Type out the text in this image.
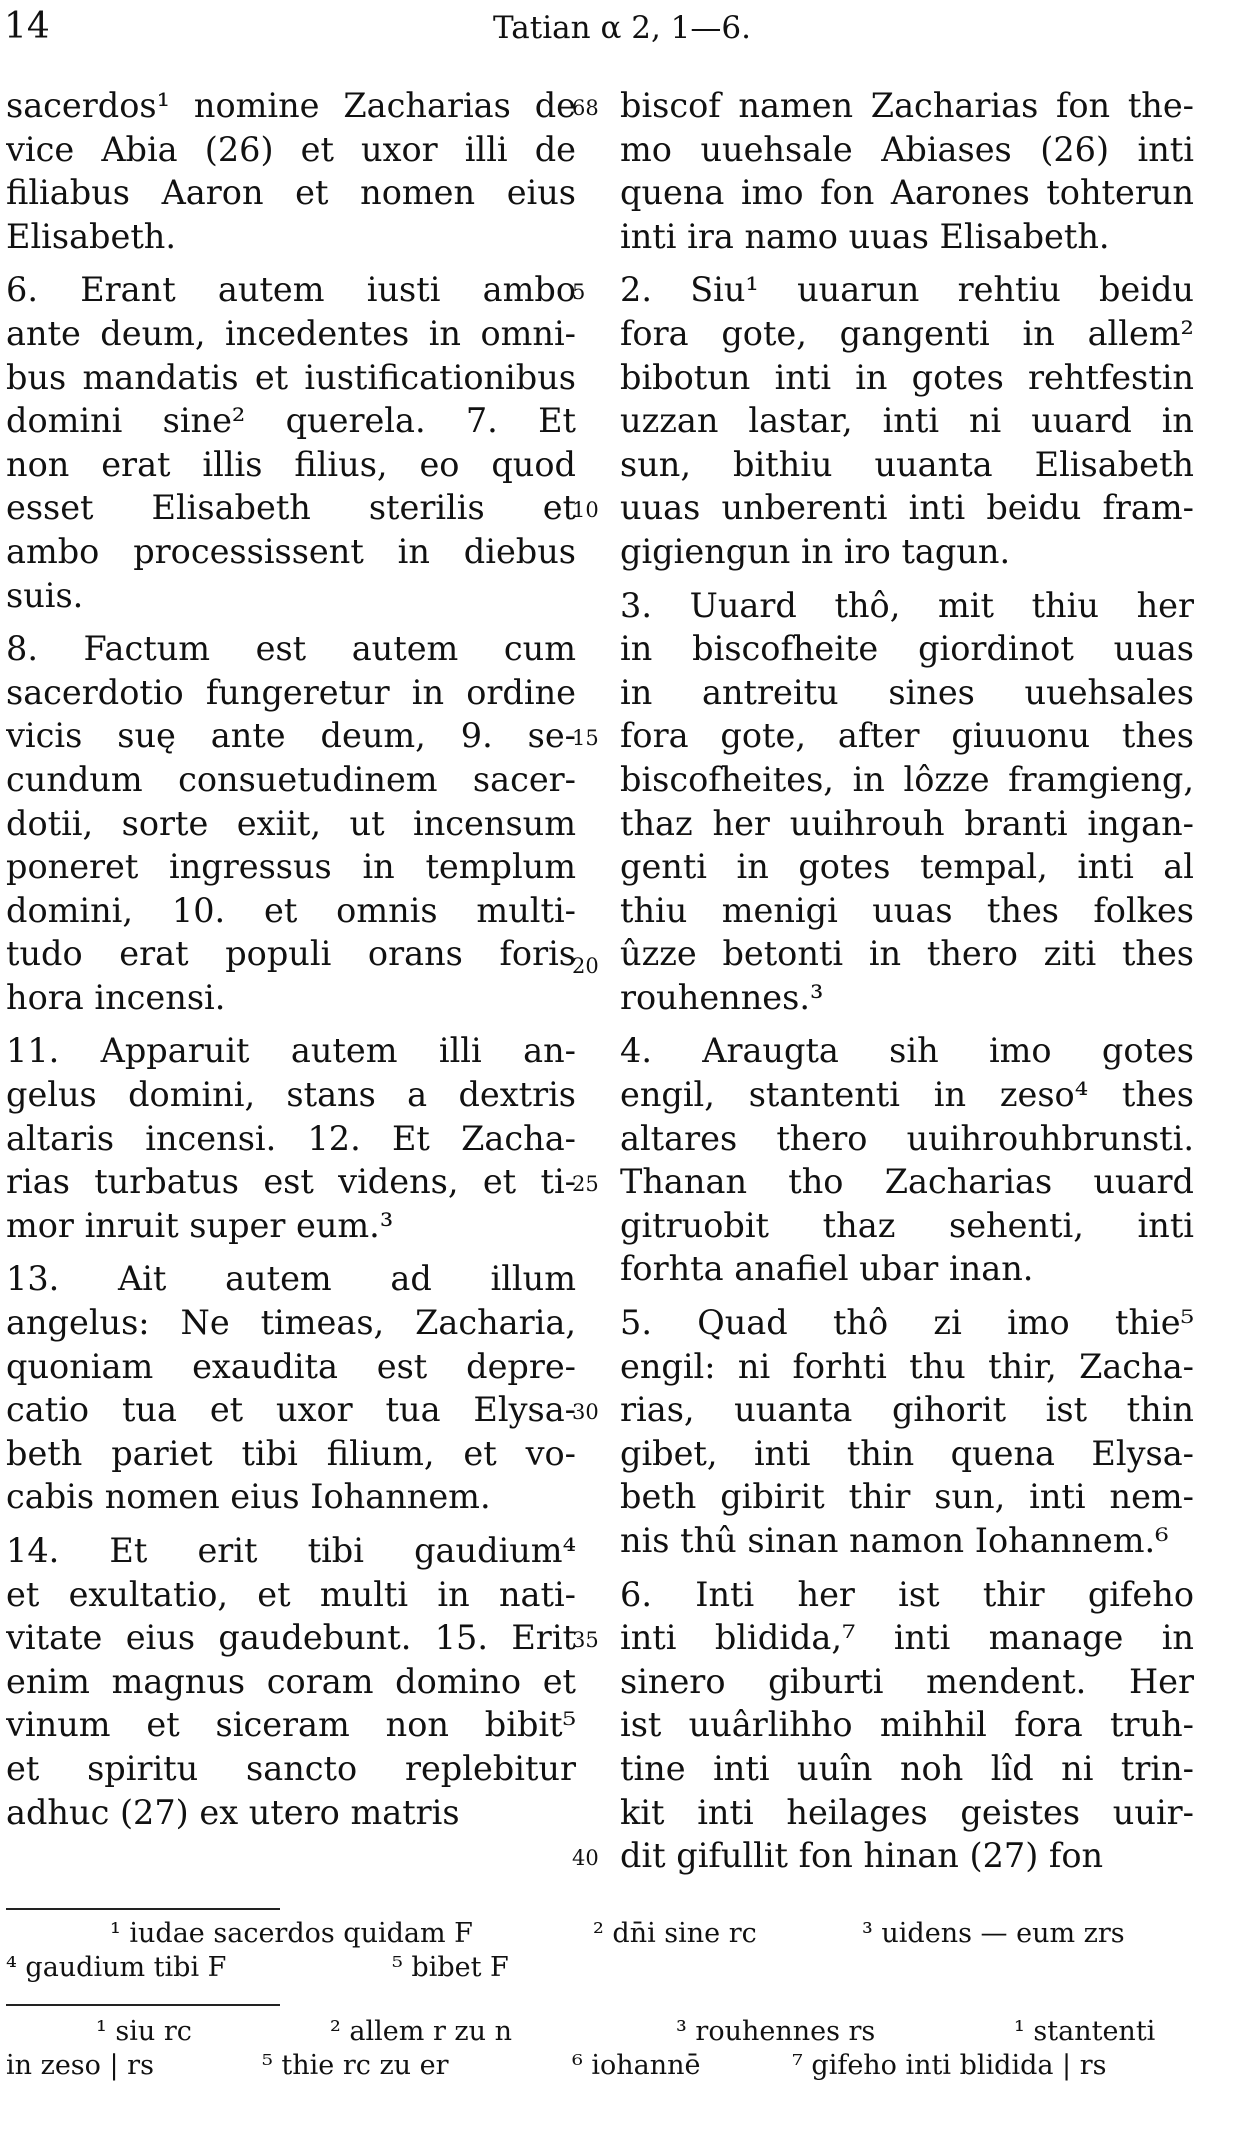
14	Tatian α 2, 1—6.
sacerdos¹ nomine Zacharias de
vice Abia (26) et uxor illi de
filiabus Aaron et nomen eius
Elisabeth.
6. Erant autem iusti ambo
ante deum, incedentes in omni-
bus mandatis et iustificationibus
domini sine² querela. 7. Et
non erat illis filius, eo quod
esset Elisabeth sterilis et
ambo processissent in diebus
suis.
8. Factum est autem cum
sacerdotio fungeretur in ordine
vicis suę ante deum, 9. se-
cundum consuetudinem sacer-
dotii, sorte exiit, ut incensum
poneret ingressus in templum
domini, 10. et omnis multi-
tudo erat populi orans foris
hora incensi.
11. Apparuit autem illi an-
gelus domini, stans a dextris
altaris incensi. 12. Et Zacha-
rias turbatus est videns, et ti-
mor inruit super eum.³
13. Ait autem ad illum
angelus: Ne timeas, Zacharia,
quoniam exaudita est depre-
catio tua et uxor tua Elysa-
beth pariet tibi filium, et vo-
cabis nomen eius Iohannem.
14. Et erit tibi gaudium⁴
et exultatio, et multi in nati-
vitate eius gaudebunt. 15. Erit
enim magnus coram domino et
vinum et siceram non bibit⁵
et spiritu sancto replebitur
adhuc (27) ex utero matris
68
5
10
15
20
25
30
35
40
biscof namen Zacharias fon the-
mo uuehsale Abiases (26) inti
quena imo fon Aarones tohterun
inti ira namo uuas Elisabeth.
2. Siu¹ uuarun rehtiu beidu
fora gote, gangenti in allem²
bibotun inti in gotes rehtfestin
uzzan lastar, inti ni uuard in
sun, bithiu uuanta Elisabeth
uuas unberenti inti beidu fram-
gigiengun in iro tagun.
3. Uuard thô, mit thiu her
in biscofheite giordinot uuas
in antreitu sines uuehsales
fora gote, after giuuonu thes
biscofheites, in lôzze framgieng,
thaz her uuihrouh branti ingan-
genti in gotes tempal, inti al
thiu menigi uuas thes folkes
ûzze betonti in thero ziti thes
rouhennes.³
4. Araugta sih imo gotes
engil, stantenti in zeso⁴ thes
altares thero uuihrouhbrunsti.
Thanan tho Zacharias uuard
gitruobit thaz sehenti, inti
forhta anafiel ubar inan.
5. Quad thô zi imo thie⁵
engil: ni forhti thu thir, Zacha-
rias, uuanta gihorit ist thin
gibet, inti thin quena Elysa-
beth gibirit thir sun, inti nem-
nis thû sinan namon Iohannem.⁶
6. Inti her ist thir gifeho
inti blidida,⁷ inti manage in
sinero giburti mendent. Her
ist uuârlihho mihhil fora truh-
tine inti uuîn noh lîd ni trin-
kit inti heilages geistes uuir-
dit gifullit fon hinan (27) fon
¹ iudae sacerdos quidam F	² dn̄i sine rc	³ uidens — eum zrs
⁴ gaudium tibi F	⁵ bibet F
¹ siu rc	² allem r zu n	³ rouhennes rs	¹ stantenti
in zeso | rs	⁵ thie rc zu er	⁶ iohannē	⁷ gifeho inti blidida | rs
